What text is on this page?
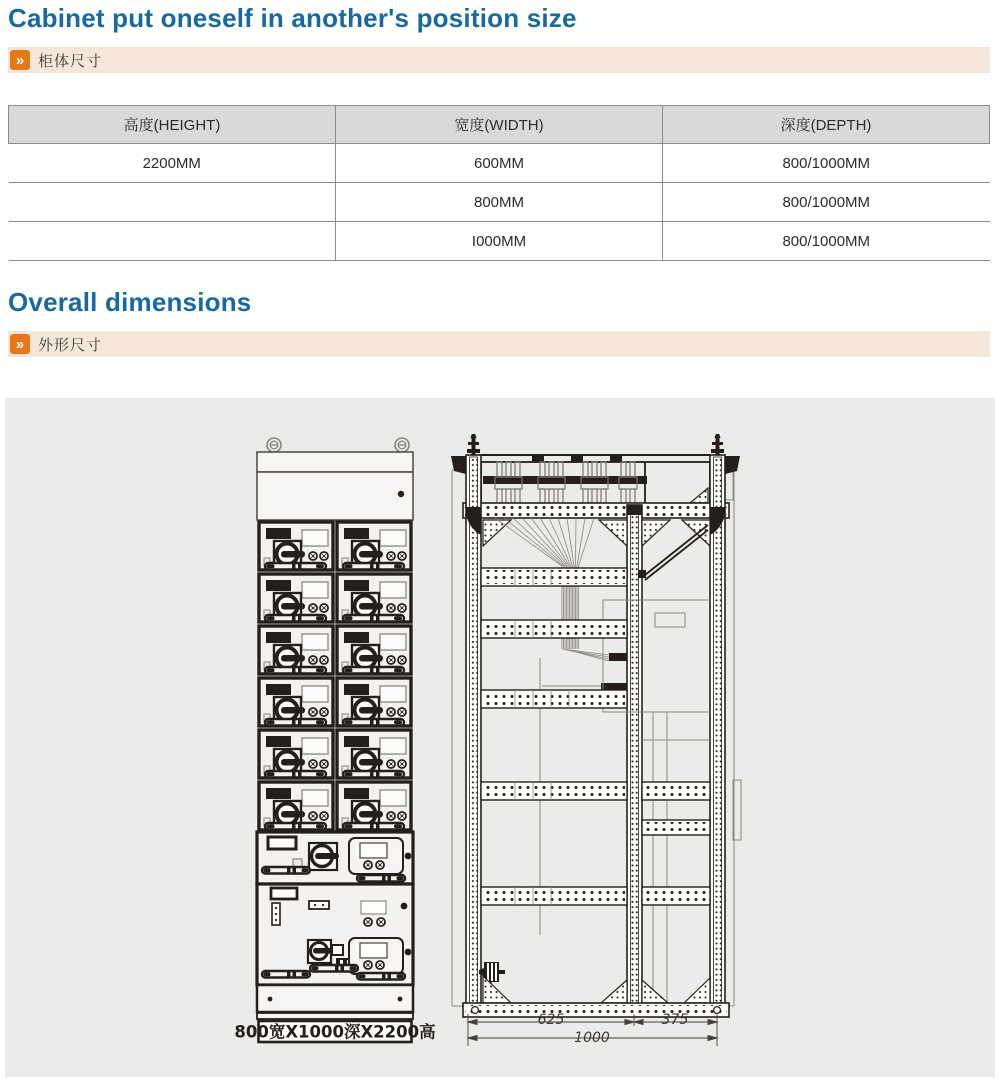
Cabinet put oneself in another's position size
» 柜体尺寸
高度(HEIGHT)	宽度(WIDTH)	深度(DEPTH)
2200MM	600MM	800/1000MM
	800MM	800/1000MM
	I000MM	800/1000MM
Overall dimensions
» 外形尺寸
800宽X1000深X2200高
625	375
1000
